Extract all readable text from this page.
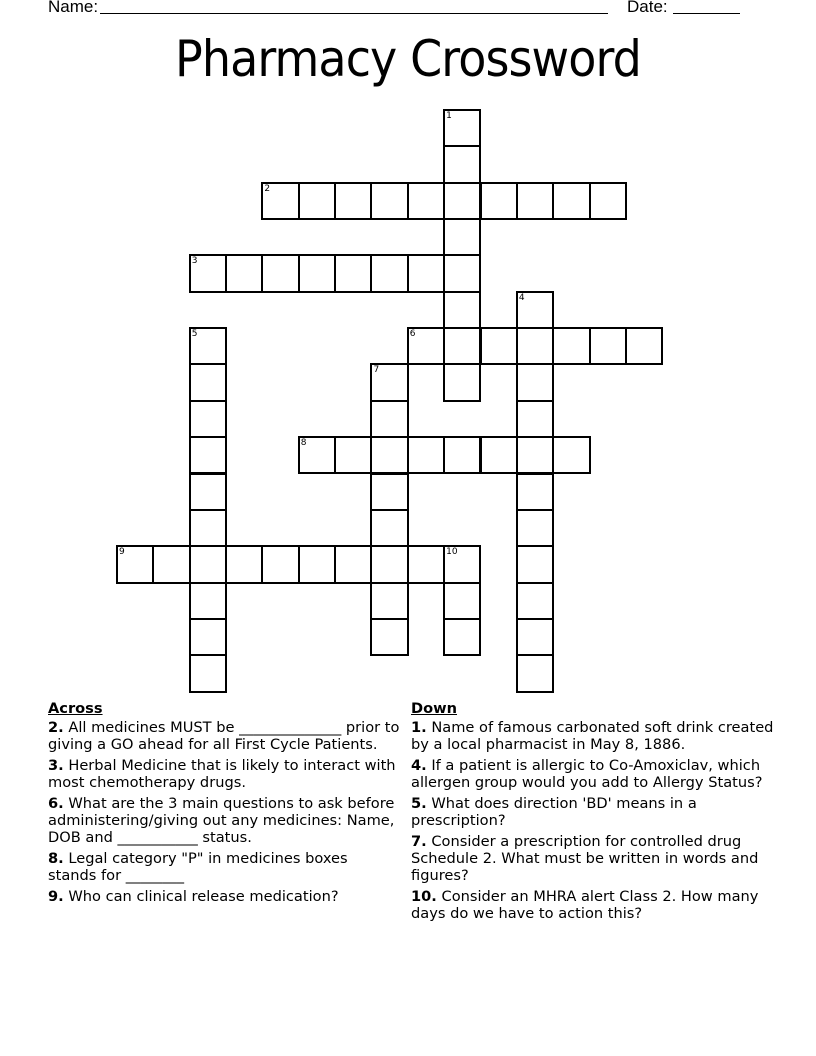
Name:	Date:
Pharmacy Crossword
1
2
3
4
5	6
7
8
9	10
Across
2. All medicines MUST be ______________ prior to giving a GO ahead for all First Cycle Patients.
3. Herbal Medicine that is likely to interact with most chemotherapy drugs.
6. What are the 3 main questions to ask before administering/giving out any medicines: Name, DOB and ___________ status.
8. Legal category "P" in medicines boxes stands for ________
9. Who can clinical release medication?
Down
1. Name of famous carbonated soft drink created by a local pharmacist in May 8, 1886.
4. If a patient is allergic to Co-Amoxiclav, which allergen group would you add to Allergy Status?
5. What does direction 'BD' means in a prescription?
7. Consider a prescription for controlled drug Schedule 2. What must be written in words and figures?
10. Consider an MHRA alert Class 2. How many days do we have to action this?
